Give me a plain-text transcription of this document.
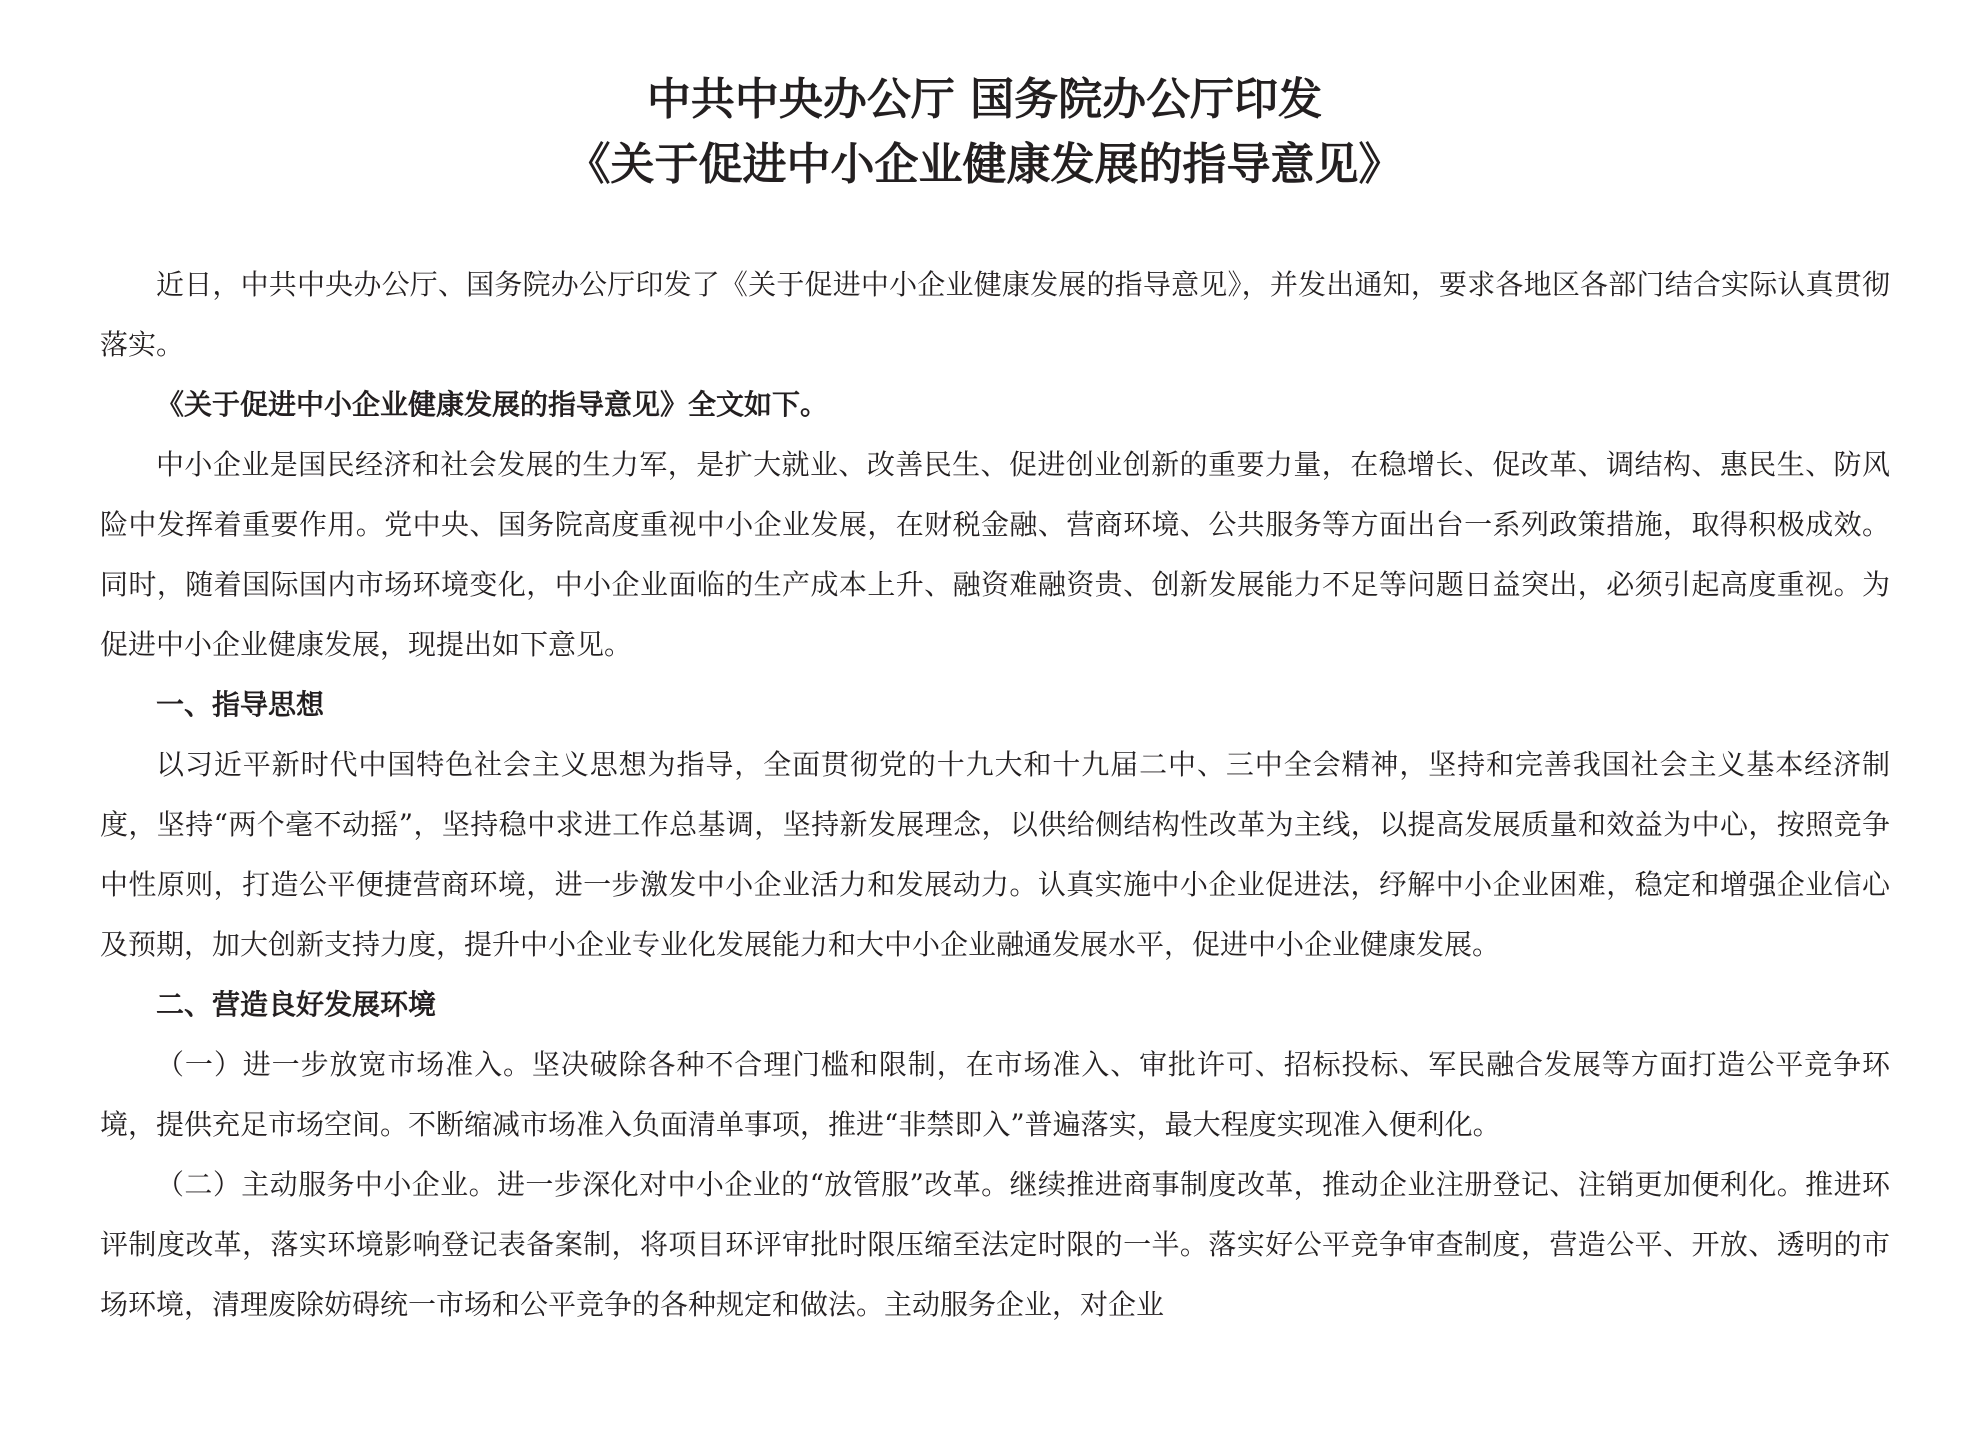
中共中央办公厅 国务院办公厅印发
《关于促进中小企业健康发展的指导意见》

近日，中共中央办公厅、国务院办公厅印发了《关于促进中小企业健康发展的指导意见》，并发出通知，要求各地区各部门结合实际认真贯彻落实。

《关于促进中小企业健康发展的指导意见》全文如下。

中小企业是国民经济和社会发展的生力军，是扩大就业、改善民生、促进创业创新的重要力量，在稳增长、促改革、调结构、惠民生、防风险中发挥着重要作用。党中央、国务院高度重视中小企业发展，在财税金融、营商环境、公共服务等方面出台一系列政策措施，取得积极成效。同时，随着国际国内市场环境变化，中小企业面临的生产成本上升、融资难融资贵、创新发展能力不足等问题日益突出，必须引起高度重视。为促进中小企业健康发展，现提出如下意见。

一、指导思想

以习近平新时代中国特色社会主义思想为指导，全面贯彻党的十九大和十九届二中、三中全会精神，坚持和完善我国社会主义基本经济制度，坚持“两个毫不动摇”，坚持稳中求进工作总基调，坚持新发展理念，以供给侧结构性改革为主线，以提高发展质量和效益为中心，按照竞争中性原则，打造公平便捷营商环境，进一步激发中小企业活力和发展动力。认真实施中小企业促进法，纾解中小企业困难，稳定和增强企业信心及预期，加大创新支持力度，提升中小企业专业化发展能力和大中小企业融通发展水平，促进中小企业健康发展。

二、营造良好发展环境

（一）进一步放宽市场准入。坚决破除各种不合理门槛和限制，在市场准入、审批许可、招标投标、军民融合发展等方面打造公平竞争环境，提供充足市场空间。不断缩减市场准入负面清单事项，推进“非禁即入”普遍落实，最大程度实现准入便利化。

（二）主动服务中小企业。进一步深化对中小企业的“放管服”改革。继续推进商事制度改革，推动企业注册登记、注销更加便利化。推进环评制度改革，落实环境影响登记表备案制，将项目环评审批时限压缩至法定时限的一半。落实好公平竞争审查制度，营造公平、开放、透明的市场环境，清理废除妨碍统一市场和公平竞争的各种规定和做法。主动服务企业，对企业
